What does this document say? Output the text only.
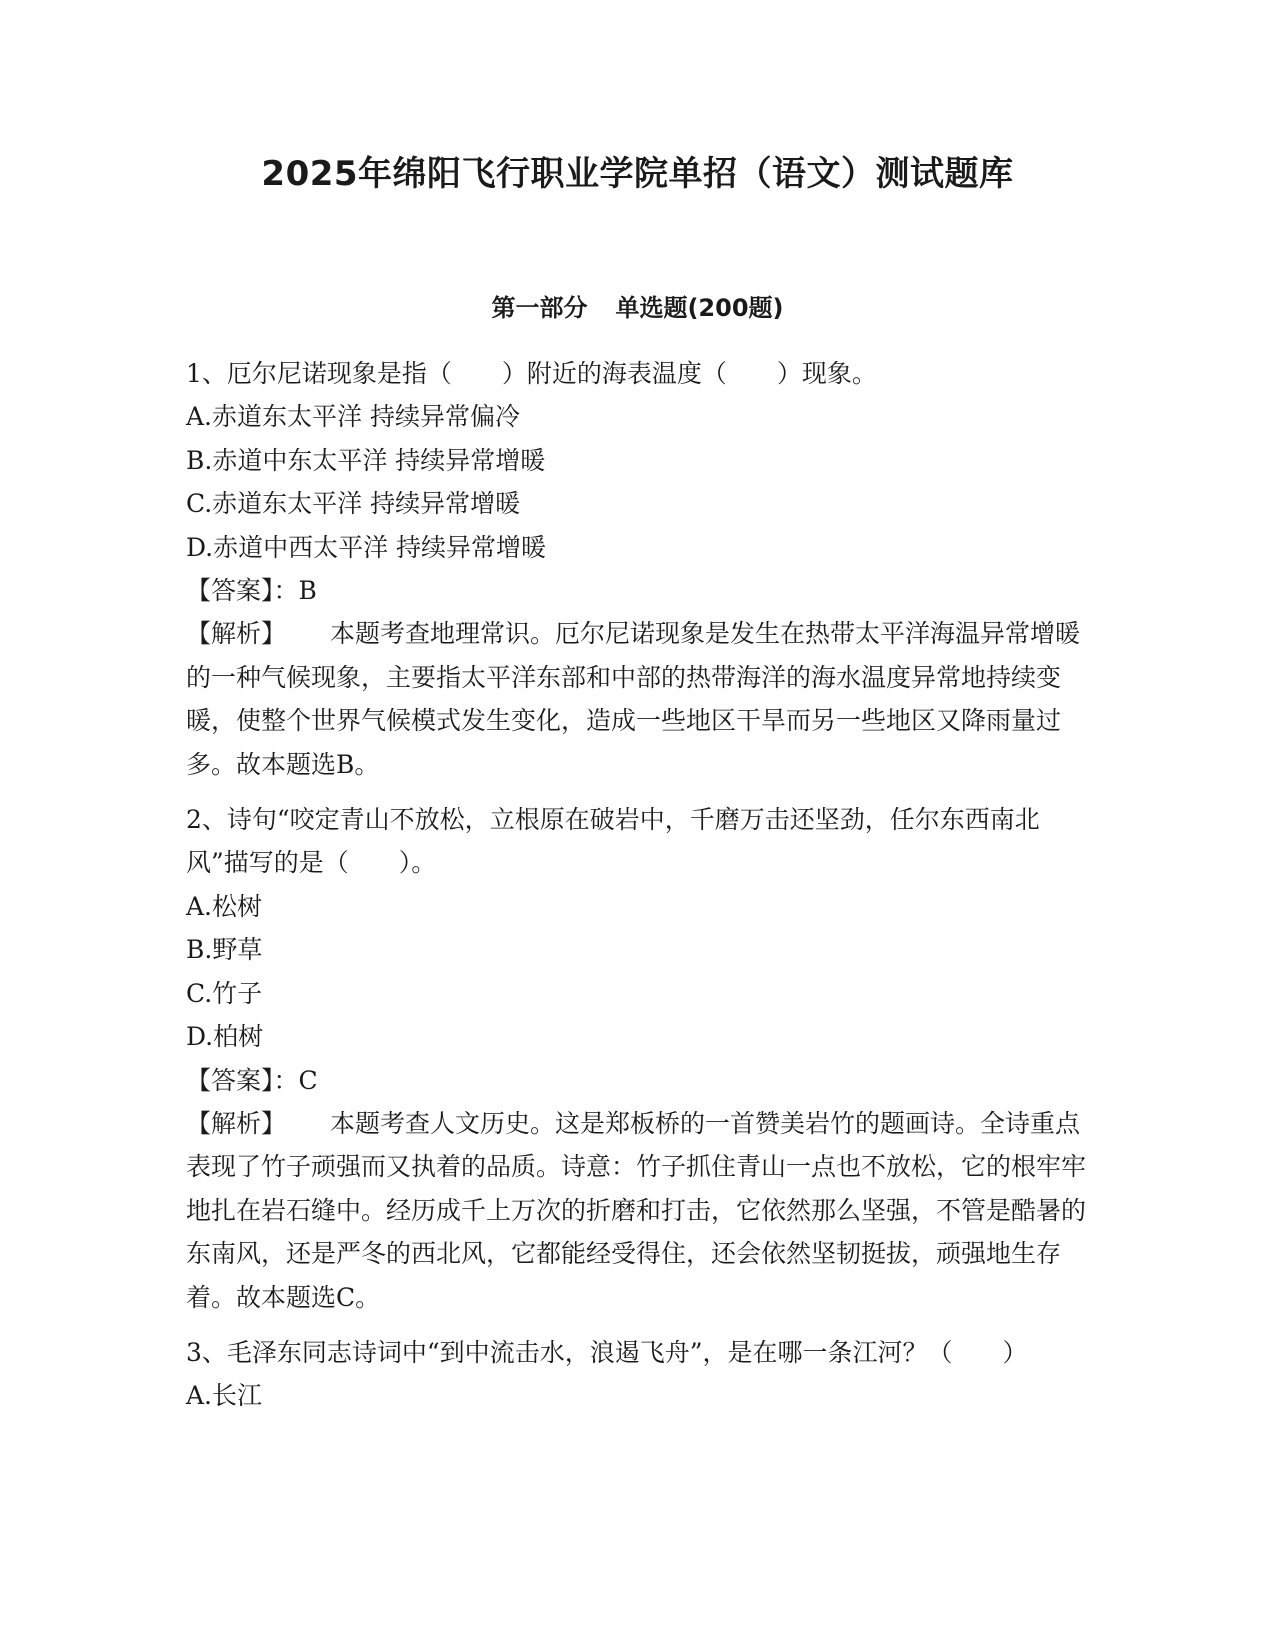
2025年绵阳飞行职业学院单招（语文）测试题库
第一部分 单选题(200题)

1、厄尔尼诺现象是指（　　）附近的海表温度（　　）现象。

A.赤道东太平洋 持续异常偏冷

B.赤道中东太平洋 持续异常增暖

C.赤道东太平洋 持续异常增暖

D.赤道中西太平洋 持续异常增暖

【答案】：B

【解析】 本题考查地理常识。厄尔尼诺现象是发生在热带太平洋海温异常增暖的一种气候现象，主要指太平洋东部和中部的热带海洋的海水温度异常地持续变暖，使整个世界气候模式发生变化，造成一些地区干旱而另一些地区又降雨量过多。故本题选B。

2、诗句“咬定青山不放松，立根原在破岩中，千磨万击还坚劲，任尔东西南北风”描写的是（　　）。

A.松树

B.野草

C.竹子

D.柏树

【答案】：C

【解析】 本题考查人文历史。这是郑板桥的一首赞美岩竹的题画诗。全诗重点表现了竹子顽强而又执着的品质。诗意：竹子抓住青山一点也不放松，它的根牢牢地扎在岩石缝中。经历成千上万次的折磨和打击，它依然那么坚强，不管是酷暑的东南风，还是严冬的西北风，它都能经受得住，还会依然坚韧挺拔，顽强地生存着。故本题选C。

3、毛泽东同志诗词中“到中流击水，浪遏飞舟”，是在哪一条江河？（　　）

A.长江
